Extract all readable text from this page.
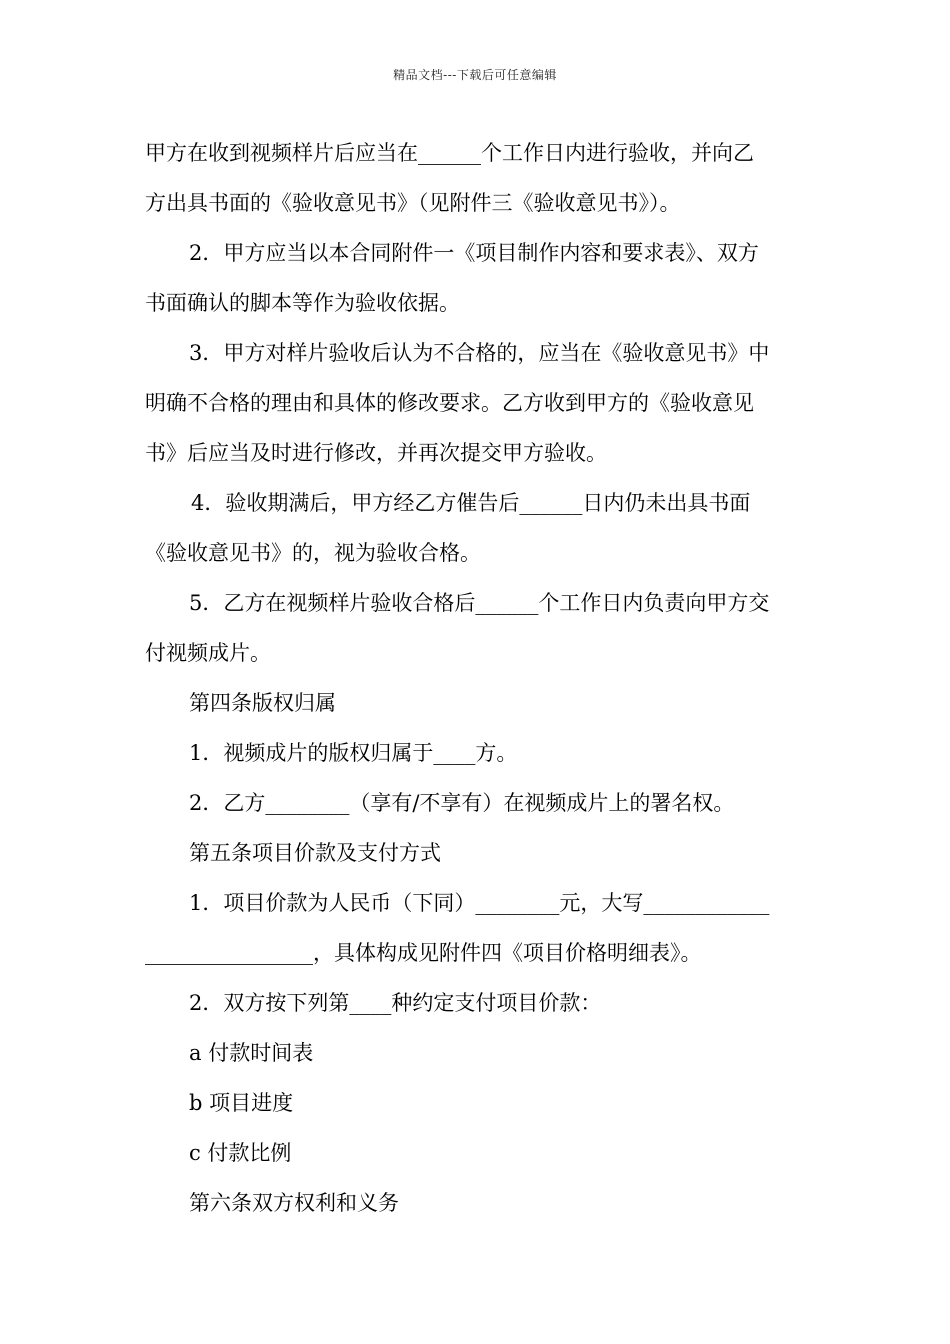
精品文档---下载后可任意编辑
甲方在收到视频样片后应当在______个工作日内进行验收，并向乙
方出具书面的《验收意见书》（见附件三《验收意见书》）。
2．甲方应当以本合同附件一《项目制作内容和要求表》、双方
书面确认的脚本等作为验收依据。
3．甲方对样片验收后认为不合格的，应当在《验收意见书》中
明确不合格的理由和具体的修改要求。乙方收到甲方的《验收意见
书》后应当及时进行修改，并再次提交甲方验收。
4．验收期满后，甲方经乙方催告后______日内仍未出具书面
《验收意见书》的，视为验收合格。
5．乙方在视频样片验收合格后______个工作日内负责向甲方交
付视频成片。
第四条版权归属
1．视频成片的版权归属于____方。
2．乙方________（享有/不享有）在视频成片上的署名权。
第五条项目价款及支付方式
1．项目价款为人民币（下同）________元，大写____________
________________，具体构成见附件四《项目价格明细表》。
2．双方按下列第____种约定支付项目价款：
a 付款时间表
b 项目进度
c 付款比例
第六条双方权利和义务
